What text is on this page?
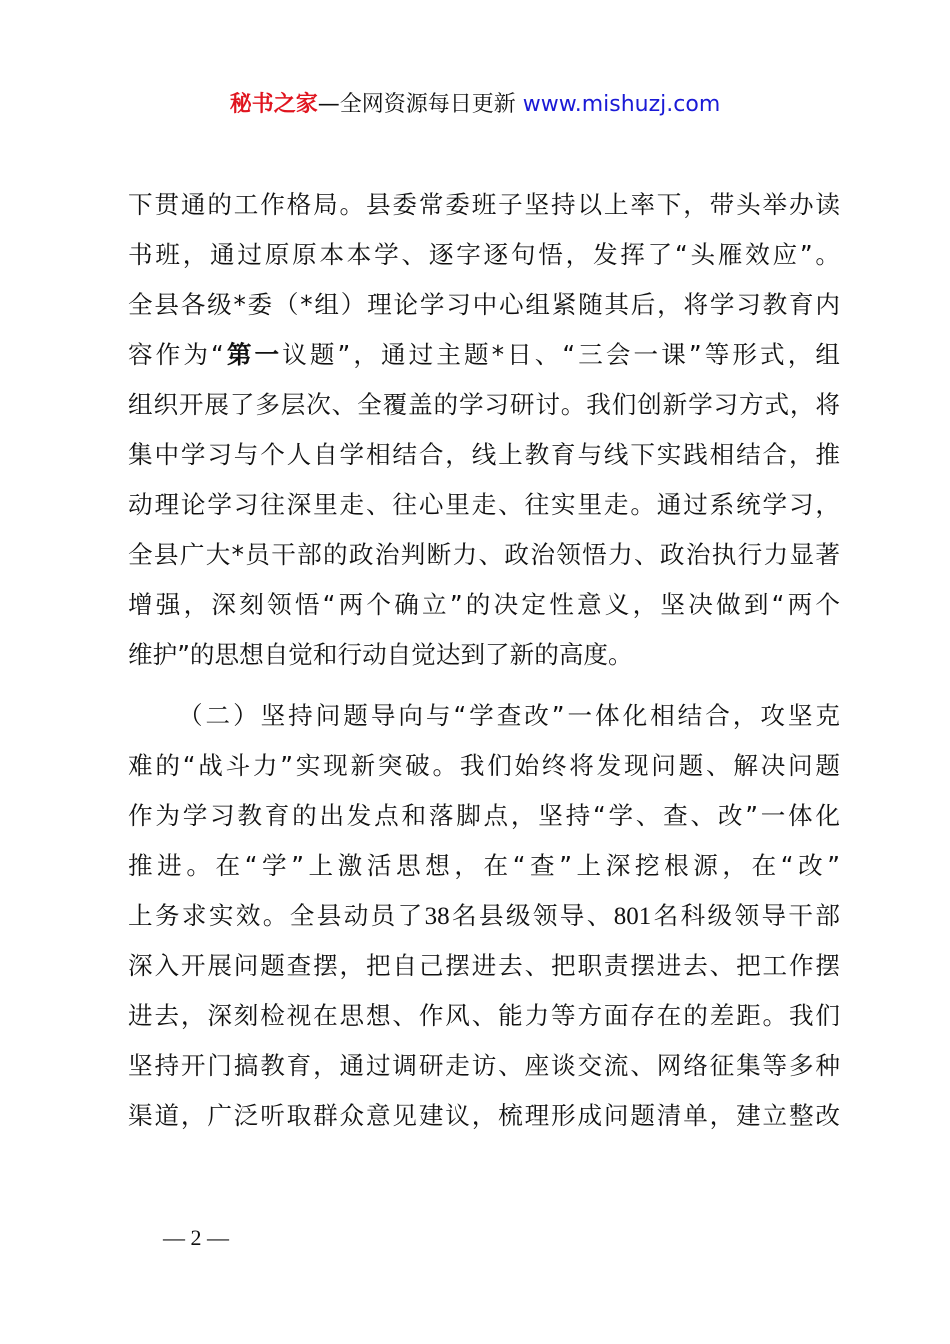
秘书之家—全网资源每日更新 www.mishuzj.com
下贯通的工作格局。县委常委班子坚持以上率下，带头举办读
书班，通过原原本本学、逐字逐句悟，发挥了“头雁效应”。
全县各级*委（*组）理论学习中心组紧随其后，将学习教育内
容作为“第一议题”，通过主题*日、“三会一课”等形式，组
组织开展了多层次、全覆盖的学习研讨。我们创新学习方式，将
集中学习与个人自学相结合，线上教育与线下实践相结合，推
动理论学习往深里走、往心里走、往实里走。通过系统学习，
全县广大*员干部的政治判断力、政治领悟力、政治执行力显著
增强，深刻领悟“两个确立”的决定性意义，坚决做到“两个
维护”的思想自觉和行动自觉达到了新的高度。
（二）坚持问题导向与“学查改”一体化相结合，攻坚克
难的“战斗力”实现新突破。我们始终将发现问题、解决问题
作为学习教育的出发点和落脚点，坚持“学、查、改”一体化
推进。在“学”上激活思想，在“查”上深挖根源，在“改”
上务求实效。全县动员了38名县级领导、801名科级领导干部
深入开展问题查摆，把自己摆进去、把职责摆进去、把工作摆
进去，深刻检视在思想、作风、能力等方面存在的差距。我们
坚持开门搞教育，通过调研走访、座谈交流、网络征集等多种
渠道，广泛听取群众意见建议，梳理形成问题清单，建立整改
— 2 —
